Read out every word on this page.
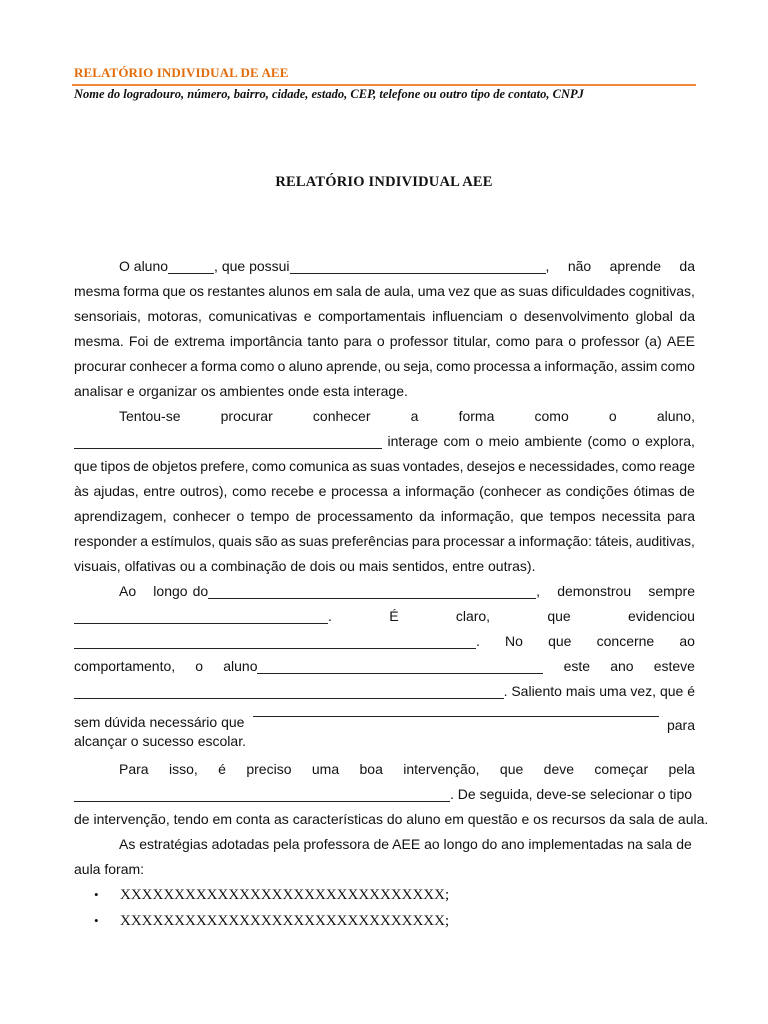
RELATÓRIO INDIVIDUAL DE AEE
Nome do logradouro, número, bairro, cidade, estado, CEP, telefone ou outro tipo de contato, CNPJ
RELATÓRIO INDIVIDUAL AEE
O aluno	, que possui	, não aprende da
mesma forma que os restantes alunos em sala de aula, uma vez que as suas dificuldades cognitivas,
sensoriais, motoras, comunicativas e comportamentais influenciam o desenvolvimento global da
mesma. Foi de extrema importância tanto para o professor titular, como para o professor (a) AEE
procurar conhecer a forma como o aluno aprende, ou seja, como processa a informação, assim como
analisar e organizar os ambientes onde esta interage.
Tentou-se	procurar	conhecer	a	forma	como	o	aluno,
interage com o meio ambiente (como o explora,
que tipos de objetos prefere, como comunica as suas vontades, desejos e necessidades, como reage
às ajudas, entre outros), como recebe e processa a informação (conhecer as condições ótimas de
aprendizagem, conhecer o tempo de processamento da informação, que tempos necessita para
responder a estímulos, quais são as suas preferências para processar a informação: táteis, auditivas,
visuais, olfativas ou a combinação de dois ou mais sentidos, entre outras).
Ao longo do	, demonstrou sempre
.	É	claro,	que	evidenciou
. No que concerne ao
comportamento, o aluno	este ano esteve
. Saliento mais uma vez, que é
sem dúvida necessário que	para
alcançar o sucesso escolar.
Para isso, é preciso uma boa intervenção, que deve começar pela
. De seguida, deve-se selecionar o tipo
de intervenção, tendo em conta as características do aluno em questão e os recursos da sala de aula.
As estratégias adotadas pela professora de AEE ao longo do ano implementadas na sala de
aula foram:
•	XXXXXXXXXXXXXXXXXXXXXXXXXXXXXX;
•	XXXXXXXXXXXXXXXXXXXXXXXXXXXXXX;
